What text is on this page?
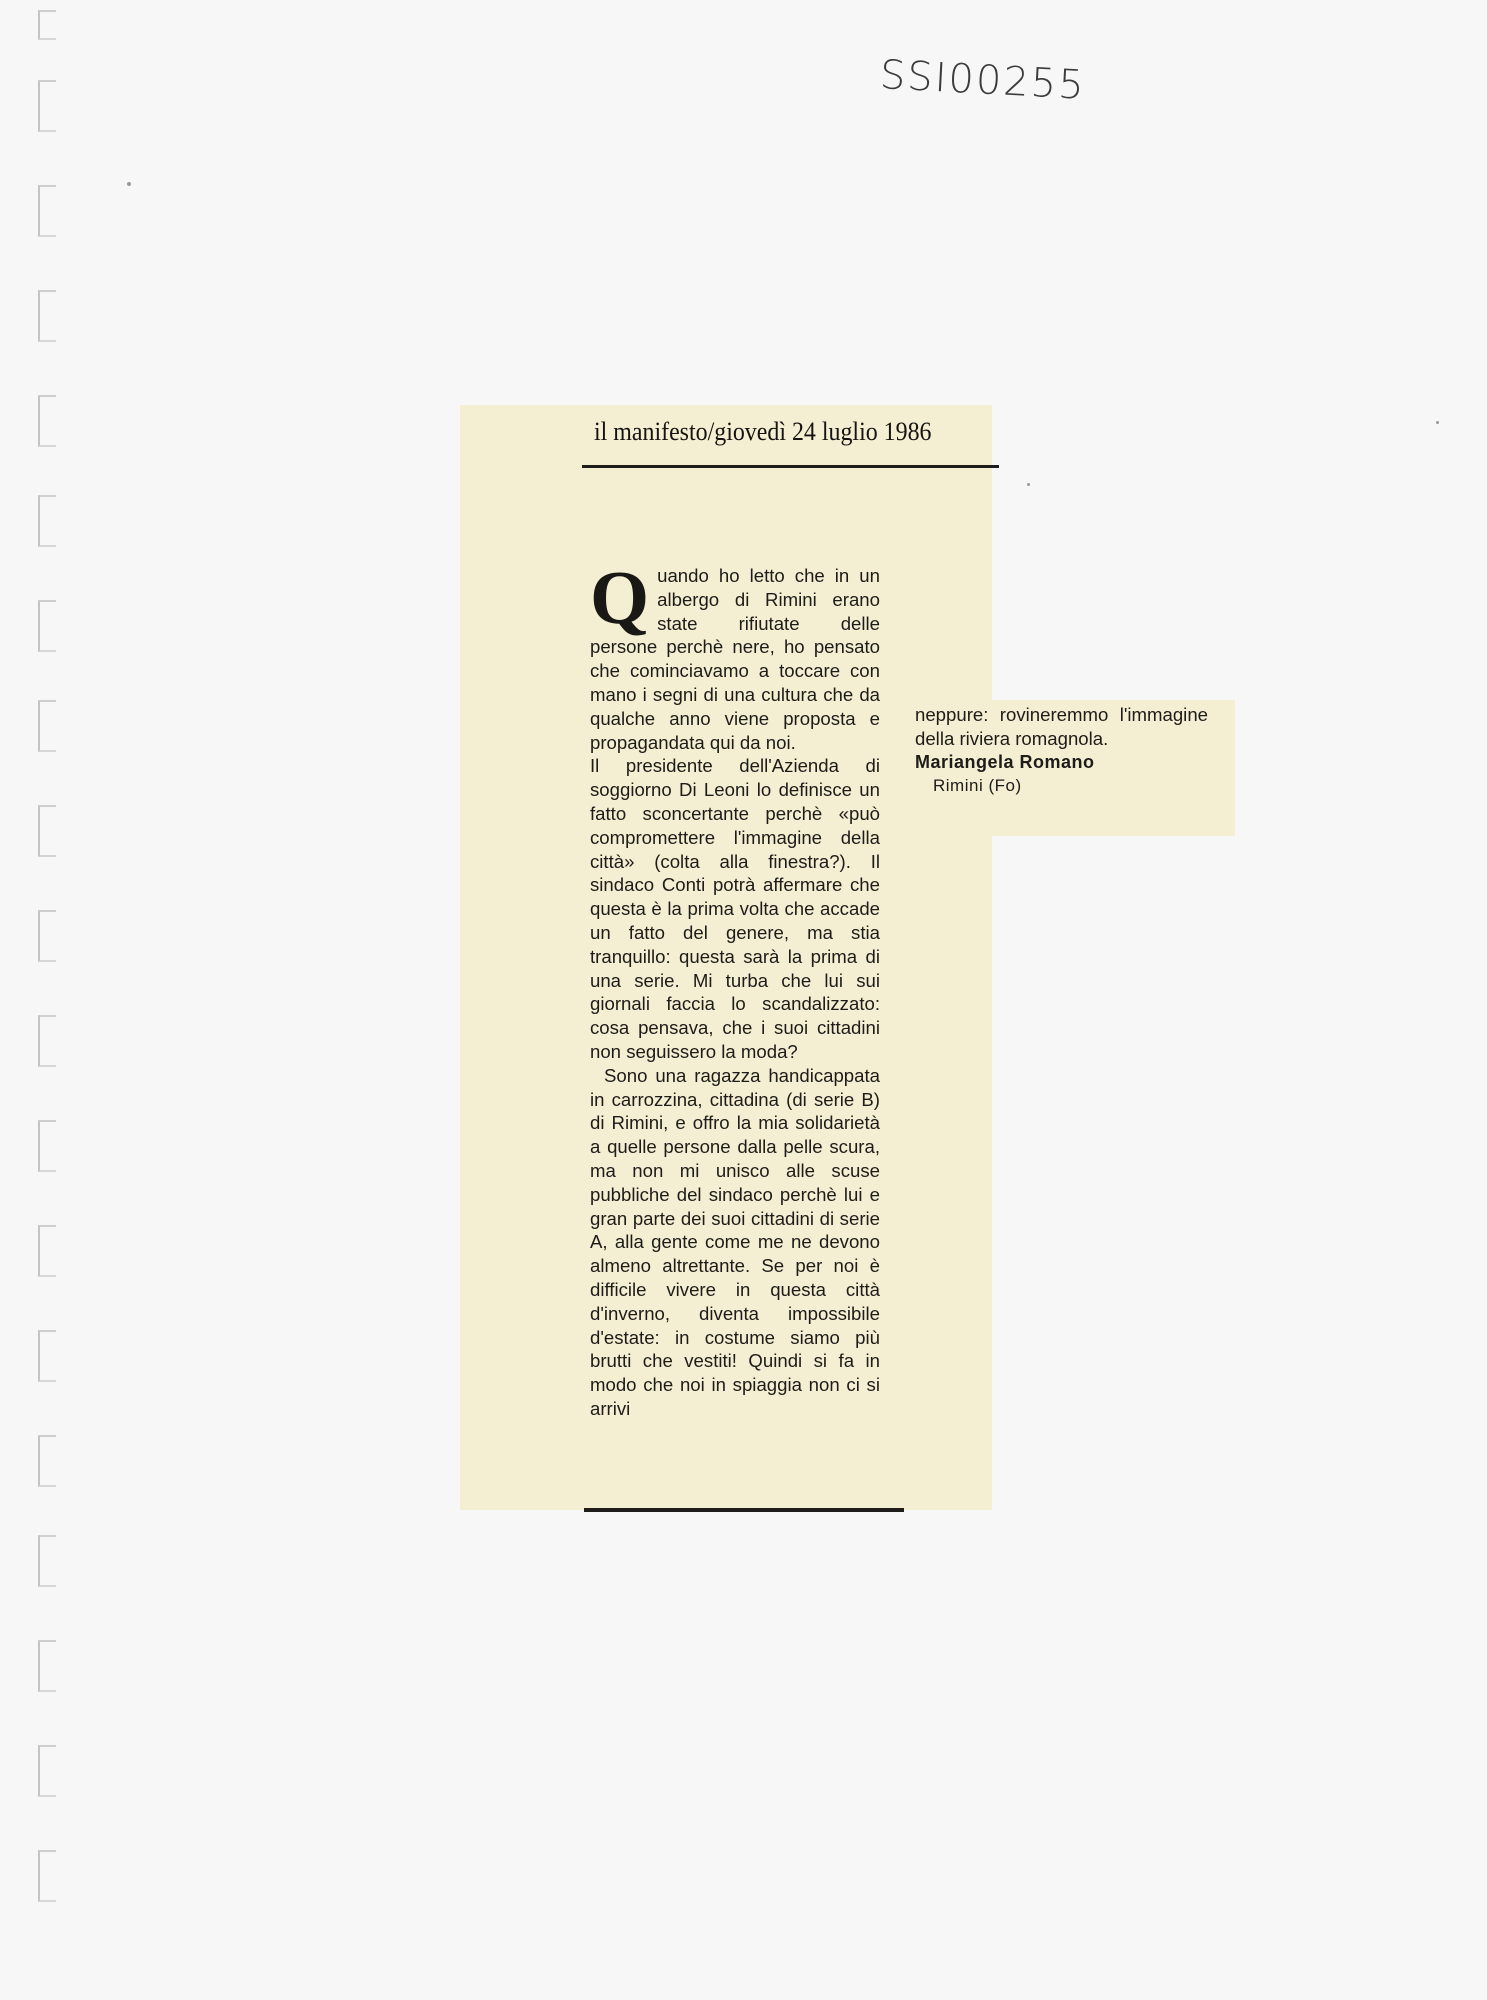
SSI00255
il manifesto/giovedì 24 luglio 1986

Quando ho letto che in un albergo di Rimini erano state rifiutate delle persone perchè nere, ho pensato che cominciavamo a toccare con mano i segni di una cultura che da qualche anno viene proposta e propagandata qui da noi.

Il presidente dell'Azienda di soggiorno Di Leoni lo definisce un fatto sconcertante perchè «può compromettere l'immagine della città» (colta alla finestra?). Il sindaco Conti potrà affermare che questa è la prima volta che accade un fatto del genere, ma stia tranquillo: questa sarà la prima di una serie. Mi turba che lui sui giornali faccia lo scandalizzato: cosa pensava, che i suoi cittadini non seguissero la moda?

Sono una ragazza handicappata in carrozzina, cittadina (di serie B) di Rimini, e offro la mia solidarietà a quelle persone dalla pelle scura, ma non mi unisco alle scuse pubbliche del sindaco perchè lui e gran parte dei suoi cittadini di serie A, alla gente come me ne devono almeno altrettante. Se per noi è difficile vivere in questa città d'inverno, diventa impossibile d'estate: in costume siamo più brutti che vestiti! Quindi si fa in modo che noi in spiaggia non ci si arrivi

neppure: rovineremmo l'immagine della riviera romagnola.

Mariangela Romano

Rimini (Fo)
